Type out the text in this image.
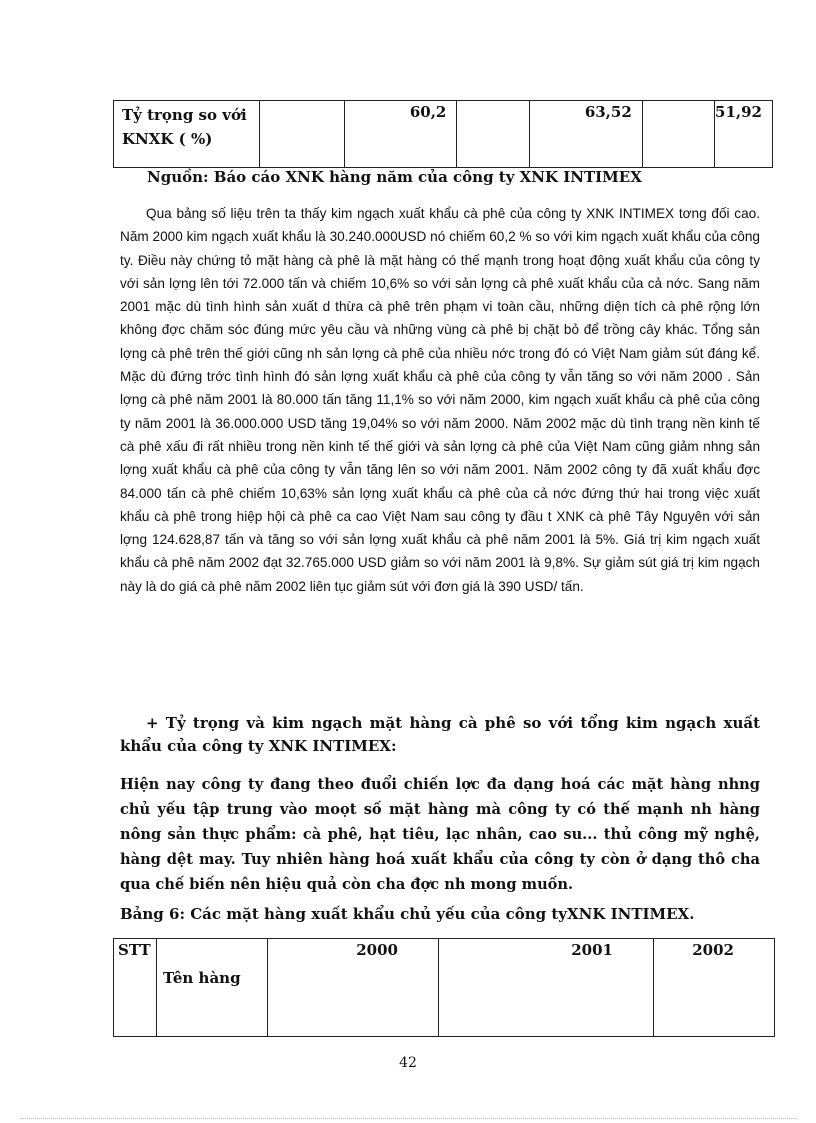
Tỷ trọng so với KNXK ( %)		60,2		63,52		51,92
Nguồn: Báo cáo XNK hàng năm của công ty XNK INTIMEX
Qua bảng số liệu trên ta thấy kim ngạch xuất khẩu cà phê của công ty XNK INTIMEX tơng đối cao. Năm 2000 kim ngạch xuất khẩu là 30.240.000USD nó chiếm 60,2 % so với kim ngạch xuất khẩu của công ty. Điều này chứng tỏ mặt hàng cà phê là mặt hàng có thế mạnh trong hoạt động xuất khẩu của công ty với sản lợng lên tới 72.000 tấn và chiếm 10,6% so với sản lợng cà phê xuất khẩu của cả nớc. Sang năm 2001 mặc dù tình hình sản xuất d thừa cà phê trên phạm vi toàn cầu, những diện tích cà phê rộng lớn không đợc chăm sóc đúng mức yêu cầu và những vùng cà phê bị chặt bỏ để trồng cây khác. Tổng sản lợng cà phê trên thế giới cũng nh sản lợng cà phê của nhiều nớc trong đó có Việt Nam giảm sút đáng kể. Mặc dù đứng trớc tình hình đó sản lợng xuất khẩu cà phê của công ty vẫn tăng so với năm 2000 . Sản lợng cà phê năm 2001 là 80.000 tấn tăng 11,1% so với năm 2000, kim ngạch xuất khẩu cà phê của công ty năm 2001 là 36.000.000 USD tăng 19,04% so với năm 2000. Năm 2002 mặc dù tình trạng nền kinh tế cà phê xấu đi rất nhiều trong nền kinh tế thế giới và sản lợng cà phê của Việt Nam cũng giảm nhng sản lợng xuất khẩu cà phê của công ty vẫn tăng lên so với năm 2001. Năm 2002 công ty đã xuất khẩu đợc 84.000 tấn cà phê chiếm 10,63% sản lợng xuất khẩu cà phê của cả nớc đứng thứ hai trong việc xuất khẩu cà phê trong hiệp hội cà phê ca cao Việt Nam sau công ty đầu t XNK cà phê Tây Nguyên với sản lợng 124.628,87 tấn và tăng so với sản lợng xuất khẩu cà phê năm 2001 là 5%. Giá trị kim ngạch xuất khẩu cà phê năm 2002 đạt 32.765.000 USD giảm so với năm 2001 là 9,8%. Sự giảm sút giá trị kim ngạch này là do giá cà phê năm 2002 liên tục giảm sút với đơn giá là 390 USD/ tấn.
+ Tỷ trọng và kim ngạch mặt hàng cà phê so với tổng kim ngạch xuất khẩu của công ty XNK INTIMEX:
Hiện nay công ty đang theo đuổi chiến lợc đa dạng hoá các mặt hàng nhng chủ yếu tập trung vào moọt số mặt hàng mà công ty có thế mạnh nh hàng nông sản thực phẩm: cà phê, hạt tiêu, lạc nhân, cao su... thủ công mỹ nghệ, hàng dệt may. Tuy nhiên hàng hoá xuất khẩu của công ty còn ở dạng thô cha qua chế biến nên hiệu quả còn cha đợc nh mong muốn.
Bảng 6: Các mặt hàng xuất khẩu chủ yếu của công tyXNK INTIMEX.
STT	Tên hàng	2000	2001	2002
42
